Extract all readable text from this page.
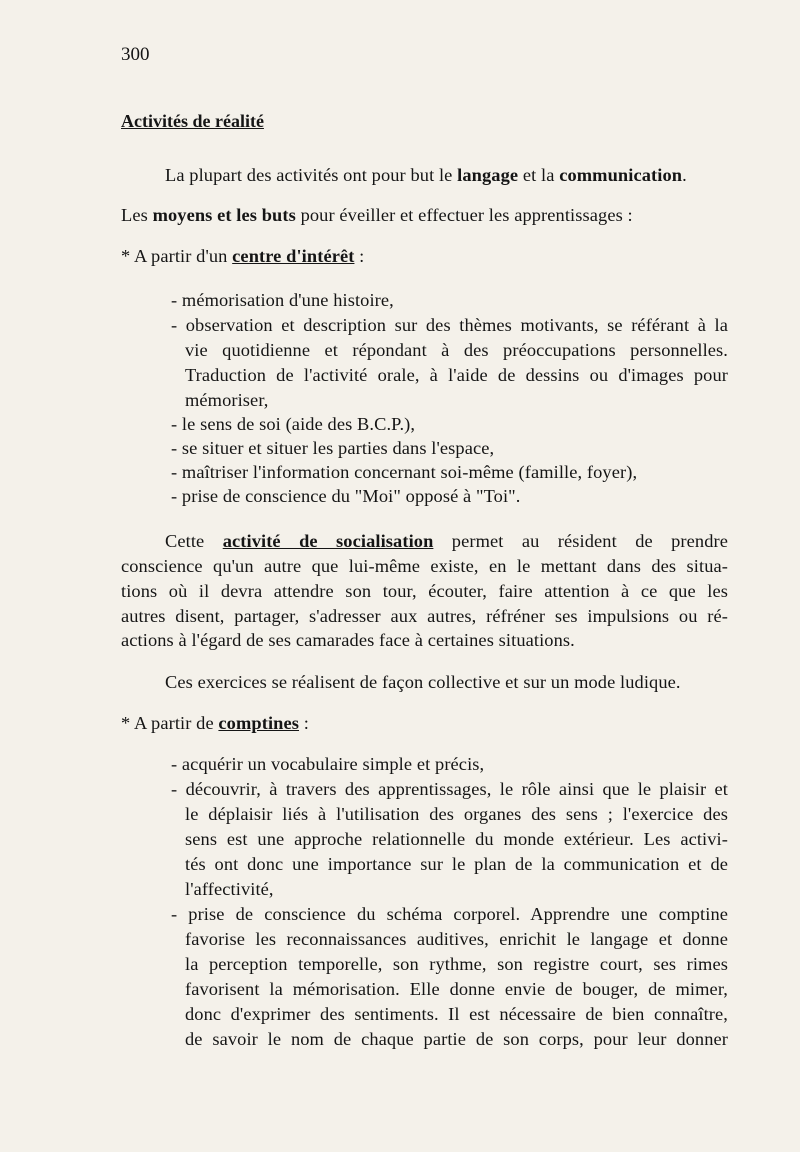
300
Activités de réalité
La plupart des activités ont pour but le langage et la communication.
Les moyens et les buts pour éveiller et effectuer les apprentissages :
* A partir d'un centre d'intérêt :
- mémorisation d'une histoire,
- observation et description sur des thèmes motivants, se référant à la
vie quotidienne et répondant à des préoccupations personnelles.
Traduction de l'activité orale, à l'aide de dessins ou d'images pour
mémoriser,
- le sens de soi (aide des B.C.P.),
- se situer et situer les parties dans l'espace,
- maîtriser l'information concernant soi-même (famille, foyer),
- prise de conscience du "Moi" opposé à "Toi".
Cette activité de socialisation permet au résident de prendre
conscience qu'un autre que lui-même existe, en le mettant dans des situa-
tions où il devra attendre son tour, écouter, faire attention à ce que les
autres disent, partager, s'adresser aux autres, réfréner ses impulsions ou ré-
actions à l'égard de ses camarades face à certaines situations.
Ces exercices se réalisent de façon collective et sur un mode ludique.
* A partir de comptines :
- acquérir un vocabulaire simple et précis,
- découvrir, à travers des apprentissages, le rôle ainsi que le plaisir et
le déplaisir liés à l'utilisation des organes des sens ; l'exercice des
sens est une approche relationnelle du monde extérieur. Les activi-
tés ont donc une importance sur le plan de la communication et de
l'affectivité,
- prise de conscience du schéma corporel. Apprendre une comptine
favorise les reconnaissances auditives, enrichit le langage et donne
la perception temporelle, son rythme, son registre court, ses rimes
favorisent la mémorisation. Elle donne envie de bouger, de mimer,
donc d'exprimer des sentiments. Il est nécessaire de bien connaître,
de savoir le nom de chaque partie de son corps, pour leur donner
